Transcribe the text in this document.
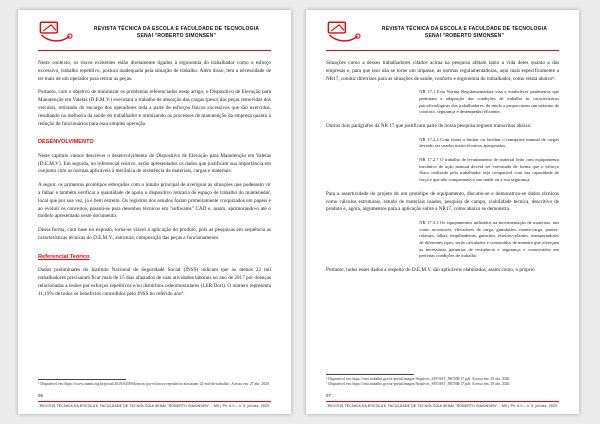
REVISTA TÉCNICA DA ESCOLA E FACULDADE DE TECNOLOGIA
SENAI "ROBERTO SIMONSEN"

Neste contexto, os riscos existentes estão diretamente ligados à ergonomia do trabalhador como o esforço excessivo, trabalho repetitivo, postura inadequada pela situação de trabalho. Além disso, tem a necessidade de ter mais de um operador para retirar as peças.

Portanto, com o objetivo de minimizar os problemas referenciados neste artigo, o Dispositivo de Elevação para Manutenção em Valetas (D.E.M.V.) executará o trabalho de absorção das cargas (peso) das peças removidas dos veículos, retirando do encargo dos operadores toda a parte de esforços físicos excessivos que são exercidos, resultando na melhoria da saúde do trabalhador e otimizando os processos de manutenção da empresa quanto à redução de funcionários para essa simples operação.

DESENVOLVIMENTO

Neste capítulo vamos descrever o desenvolvimento do Dispositivo de Elevação para Manutenção em Valetas (D.E.M.V). Em seguida, no referencial teórico, serão apresentados os dados que justificam sua importância em conjunto com as normas aplicáveis à mecânica de resistência de materiais, cargas e materiais.

A seguir, os primeiros protótipos esboçados com o intuito principal de averiguar as situações que pudessem vir a falhar e também verificar a quantidade de apoio o dispositivo retiraria de espaço de trabalho do mantenedor, local que por sua vez, já é bem estreito. Os registros dos estudos foram primeiramente croquizados em papéis e ao evoluir os conceitos, passou-se para desenhos técnicos em "softwares" CAD e, assim, aprimorando-o até o modelo apresentado neste documento.

Dessa forma, com base no exposto, torna-se viável a aplicação do produto, pois as pesquisas em sequência as características técnicas do D.E.M.V., estrutura, composição das peças e funcionamento.

Referencial Teórico

Dados preliminares do Instituto Nacional de Seguridade Social (INSS) indicam que ao menos 22 mil trabalhadores precisaram ficar mais de 15 dias afastados de suas atividades laborais no ano de 2017 por doenças relacionadas a lesões por esforços repetitivos e/ou distúrbios osteomusculares (LER/Dort). O número representa 11,19% de todos os benefícios concedidos pelo INSS no referido ano⁵.

⁵ Disponível em: https://www.anamt.org.br/portal/2019/04/09/doencas-por-esforcos-repetitivos-afastaram-22-mil-do-trabalho/. Acesso em: 27 abr. 2020.
06
REVISTA TÉCNICA DA ESCOLA E FACULDADE DE TECNOLOGIA SENAI "ROBERTO SIMONSEN" – MS | Pn. 5.0 – n. 5, jul/dez, 2020
REVISTA TÉCNICA DA ESCOLA E FACULDADE DE TECNOLOGIA
SENAI "ROBERTO SIMONSEN"

Situações como a desses trabalhadores citados acima na pesquisa afetam tanto a vida deles quanto a das empresas e, para que isso não se torne um impasse, as normas regulamentadoras, aqui mais especificamente a NR17, conduz diretrizes para as situações de saúde, conforto e ergonomia do trabalhador, como relata abaixo⁶:

NR 17.1 Esta Norma Regulamentadora visa a estabelecer parâmetros que permitam a adaptação das condições de trabalho às características psicofisiológicas dos trabalhadores, de modo a proporcionar um máximo de conforto, segurança e desempenho eficiente.

Outros dois parágrafos da NR 17 que justificam parte de nossa pesquisa seguem transcritos abaixo:

NR 17.2.4 Com vistas a limitar ou facilitar o transporte manual de cargas deverão ser usados meios técnicos apropriados.
NR 17.2.7 O trabalho de levantamento de material feito com equipamento mecânico de ação manual deverá ser executado de forma que o esforço físico realizado pelo trabalhador seja compatível com sua capacidade de força e que não comprometa a sua saúde ou a sua segurança.

Para a assertividade do projeto de um protótipo de equipamento, discutiu-se e demonstrou-se dados técnicos como cálculos estruturais, estudo de materiais usados, pesquisa de campo, viabilidade técnica, descritivo de produto e, agora, argumentos para a aplicação sobre a NR17, como abaixo se demonstra.

NR 17.3.3 Os equipamentos utilizados na movimentação de materiais, tais como ascensores, elevadores de carga, guindastes, monta-carga, pontes-rolantes, talhas, empilhadeiras, guinchos, esteiras-rolantes, transportadores de diferentes tipos, serão calculados e construídos de maneira que ofereçam as necessárias garantias de resistência e segurança e conservados em perfeitas condições de trabalho.

Portanto, todos esses dados a respeito do D.E.M.V. são aplicáveis elaborados, assim como, o próprio

⁶ Disponível em: https://enit.trabalho.gov.br/portal/images/Arquivos_SST/SST_NR/NR-17.pdf. Acesso em: 29 abr. 2020.
⁷ Disponível em: https://enit.trabalho.gov.br/portal/images/Arquivos_SST/SST_NR/NR-17.pdf. Acesso em: 29 abr. 2020.
07
REVISTA TÉCNICA DA ESCOLA E FACULDADE DE TECNOLOGIA SENAI "ROBERTO SIMONSEN" – MS | Pn. 5.0 – n. 5, jul/dez, 2020
